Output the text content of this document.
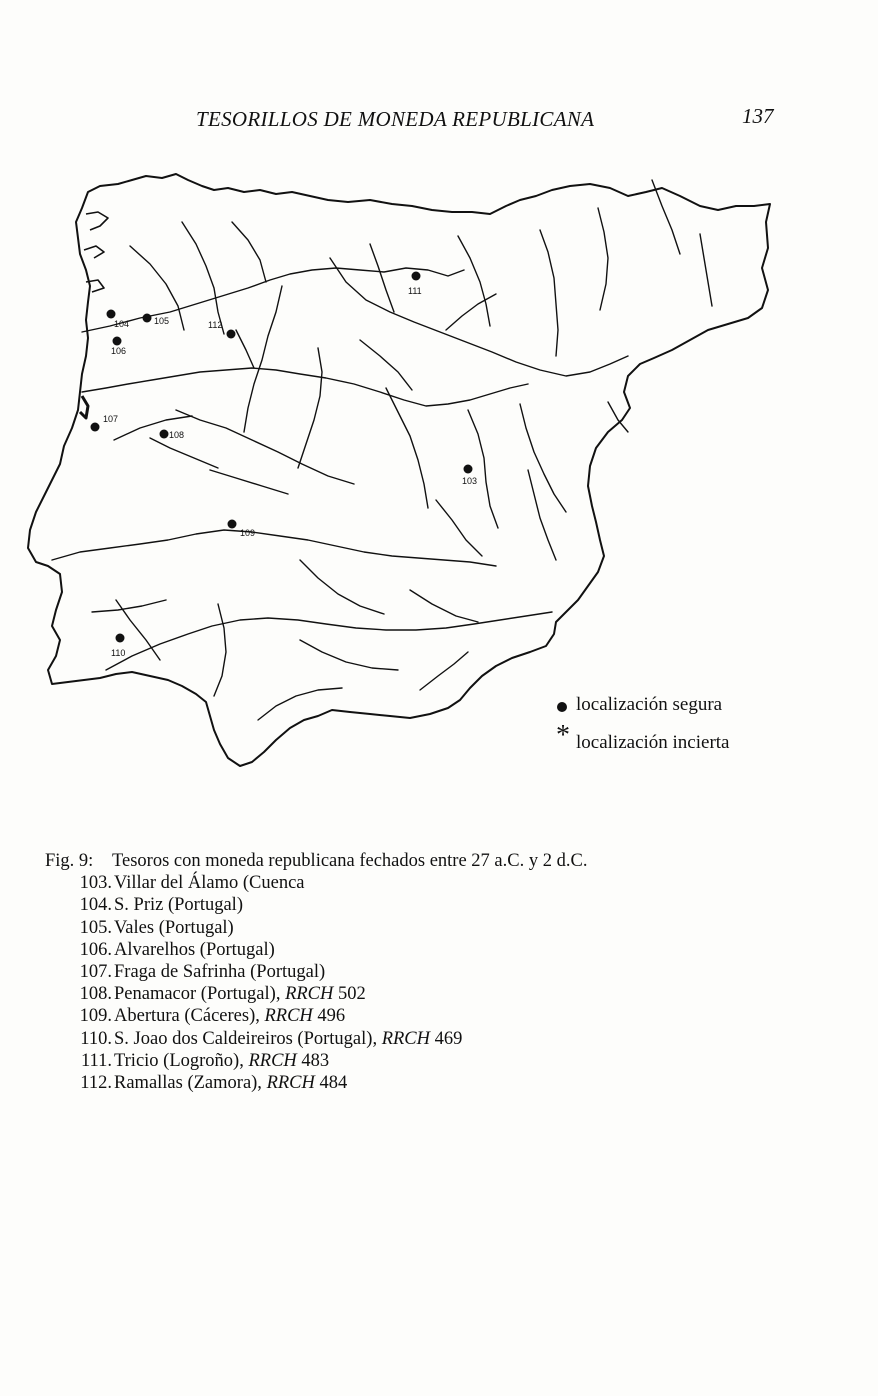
TESORILLOS DE MONEDA REPUBLICANA	137
111
104	105
106
112
107
108
103
109
110
localización segura
* localización incierta
Fig. 9: Tesoros con moneda republicana fechados entre 27 a.C. y 2 d.C.
103. Villar del Álamo (Cuenca
104. S. Priz (Portugal)
105. Vales (Portugal)
106. Alvarelhos (Portugal)
107. Fraga de Safrinha (Portugal)
108. Penamacor (Portugal), RRCH 502
109. Abertura (Cáceres), RRCH 496
110. S. Joao dos Caldeireiros (Portugal), RRCH 469
111. Tricio (Logroño), RRCH 483
112. Ramallas (Zamora), RRCH 484
